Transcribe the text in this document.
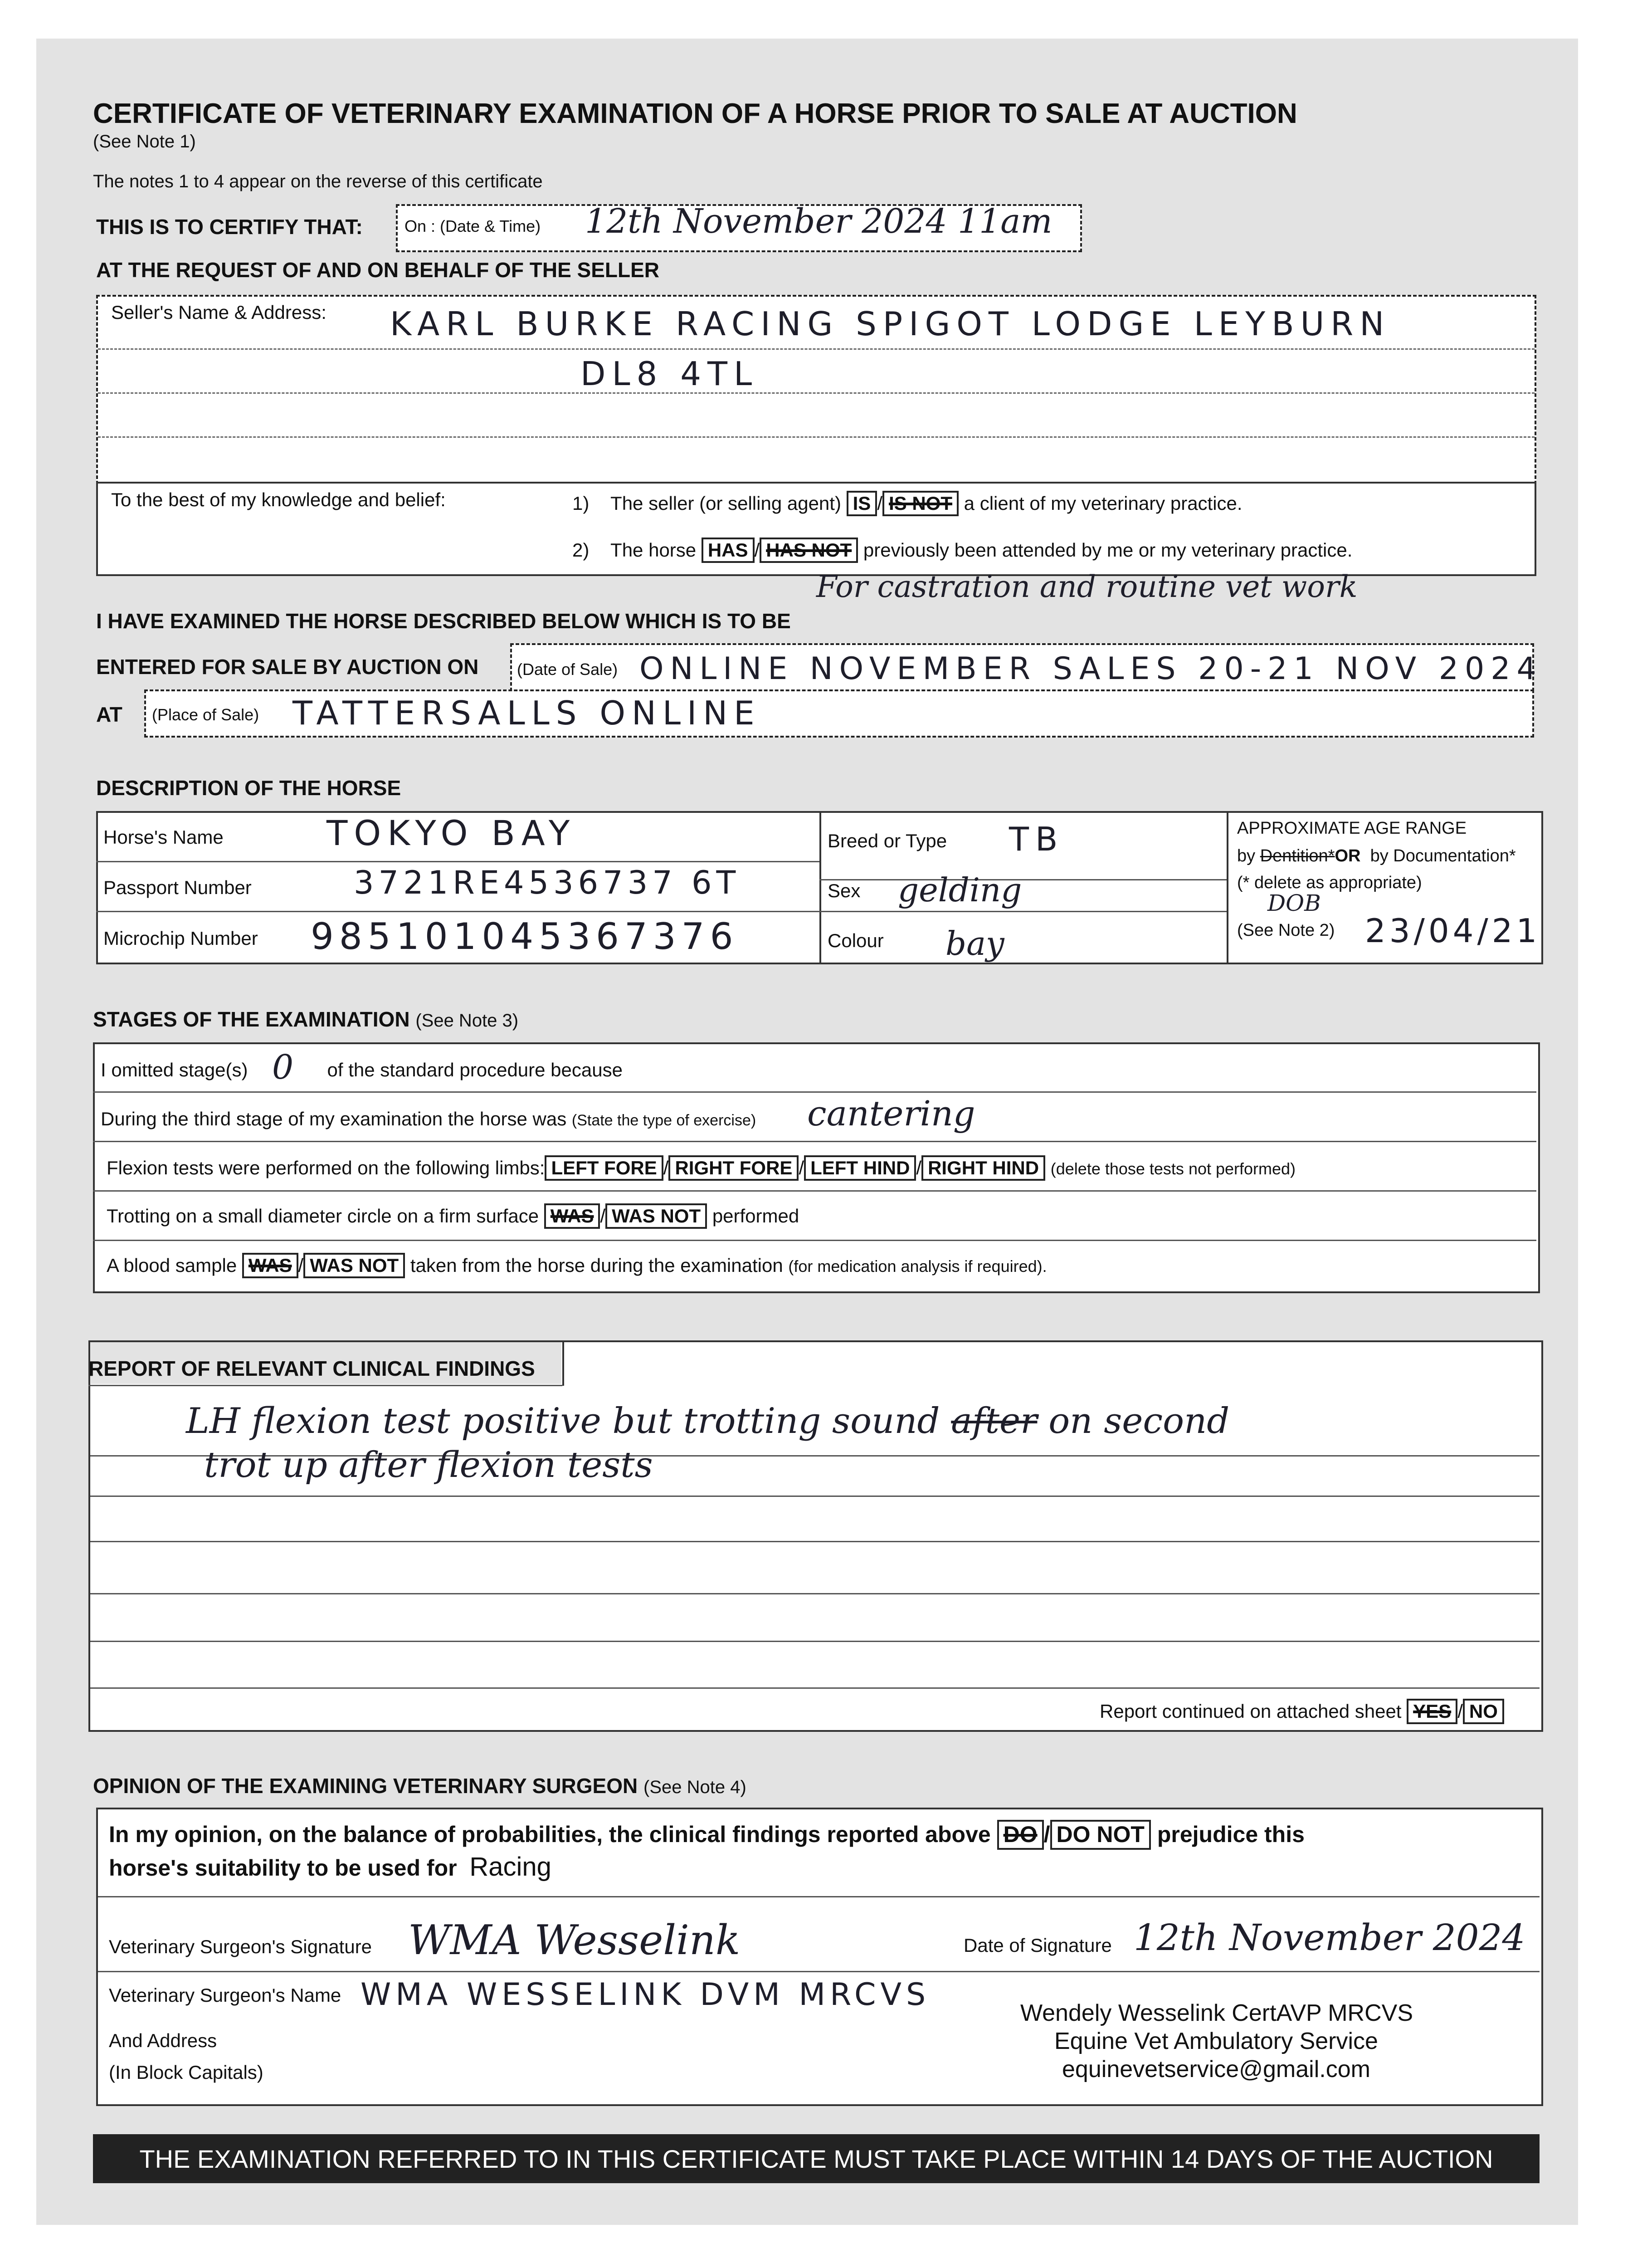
CERTIFICATE OF VETERINARY EXAMINATION OF A HORSE PRIOR TO SALE AT AUCTION
(See Note 1)
The notes 1 to 4 appear on the reverse of this certificate
THIS IS TO CERTIFY THAT:	On : (Date & Time) 12th November 2024 11am
AT THE REQUEST OF AND ON BEHALF OF THE SELLER
Seller's Name & Address: KARL BURKE RACING SPIGOT LODGE LEYBURN
DL8 4TL
To the best of my knowledge and belief:	1) The seller (or selling agent) IS / IS NOT a client of my veterinary practice.
2) The horse HAS / HAS NOT previously been attended by me or my veterinary practice.
For castration and routine vet work
I HAVE EXAMINED THE HORSE DESCRIBED BELOW WHICH IS TO BE
ENTERED FOR SALE BY AUCTION ON (Date of Sale) ONLINE NOVEMBER SALES 20-21 NOV 2024
AT (Place of Sale) TATTERSALLS ONLINE
DESCRIPTION OF THE HORSE
Horse's Name	TOKYO BAY
Passport Number	3721RE4536737 6T
Microchip Number 985101045367376
Breed or Type TB
Sex gelding
Colour bay
APPROXIMATE AGE RANGE
by Dentition*OR by Documentation*
(* delete as appropriate)
DOB
(See Note 2) 23/04/21
STAGES OF THE EXAMINATION (See Note 3)
I omitted stage(s)	of the standard procedure because
0
During the third stage of my examination the horse was (State the type of exercise) cantering
Flexion tests were performed on the following limbs: LEFT FORE / RIGHT FORE / LEFT HIND / RIGHT HIND (delete those tests not performed)
Trotting on a small diameter circle on a firm surface WAS / WAS NOT performed
A blood sample WAS / WAS NOT taken from the horse during the examination (for medication analysis if required).
REPORT OF RELEVANT CLINICAL FINDINGS
LH flexion test positive but trotting sound after on second
trot up after flexion tests
Report continued on attached sheet YES / NO
OPINION OF THE EXAMINING VETERINARY SURGEON (See Note 4)
In my opinion, on the balance of probabilities, the clinical findings reported above DO / DO NOT prejudice this
horse's suitability to be used for Racing
Veterinary Surgeon's Signature WMA Wesselink	Date of Signature 12th November 2024
Veterinary Surgeon's Name WMA WESSELINK DVM MRCVS
And Address
(In Block Capitals)
Wendely Wesselink CertAVP MRCVS
Equine Vet Ambulatory Service
equinevetservice@gmail.com
THE EXAMINATION REFERRED TO IN THIS CERTIFICATE MUST TAKE PLACE WITHIN 14 DAYS OF THE AUCTION
